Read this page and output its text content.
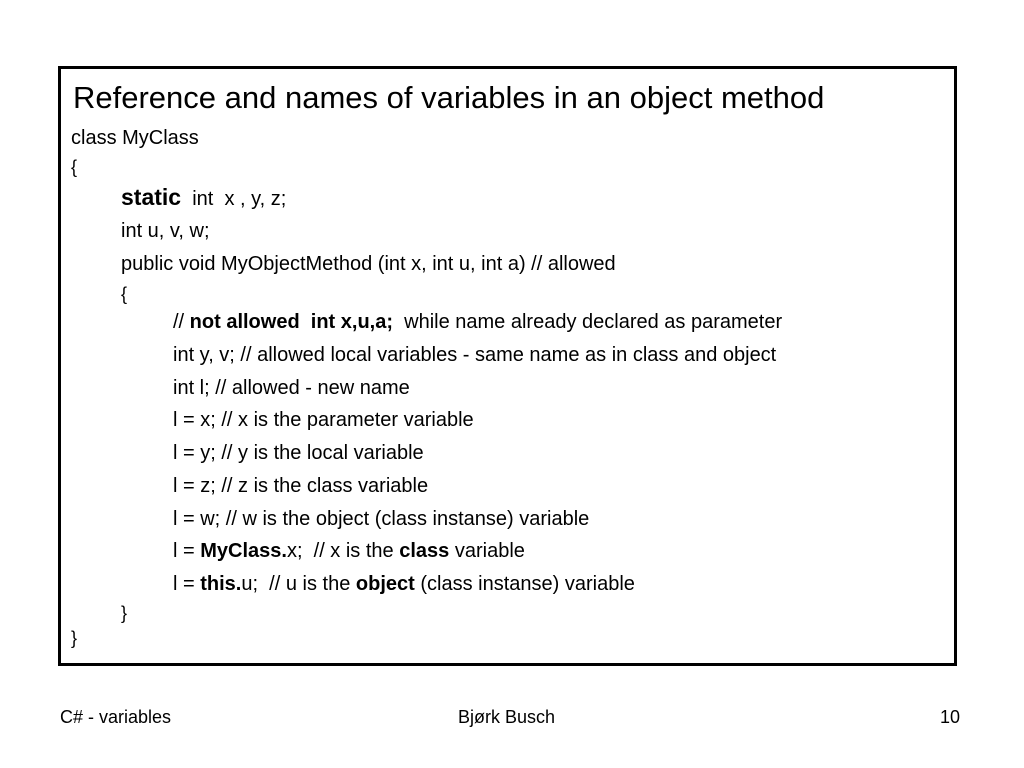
Reference and names of variables in an object method
class MyClass
{
static  int  x , y, z;
int u, v, w;
public void MyObjectMethod (int x, int u, int a) // allowed
{
// not allowed  int x,u,a;  while name already declared as parameter
int y, v; // allowed local variables - same name as in class and object
int l; // allowed - new name
l = x; // x is the parameter variable
l = y; // y is the local variable
l = z; // z is the class variable
l = w; // w is the object (class instanse) variable
l = MyClass.x;  // x is the class variable
l = this.u;  // u is the object (class instanse) variable
}
}
C# - variables	Bjørk Busch	10
